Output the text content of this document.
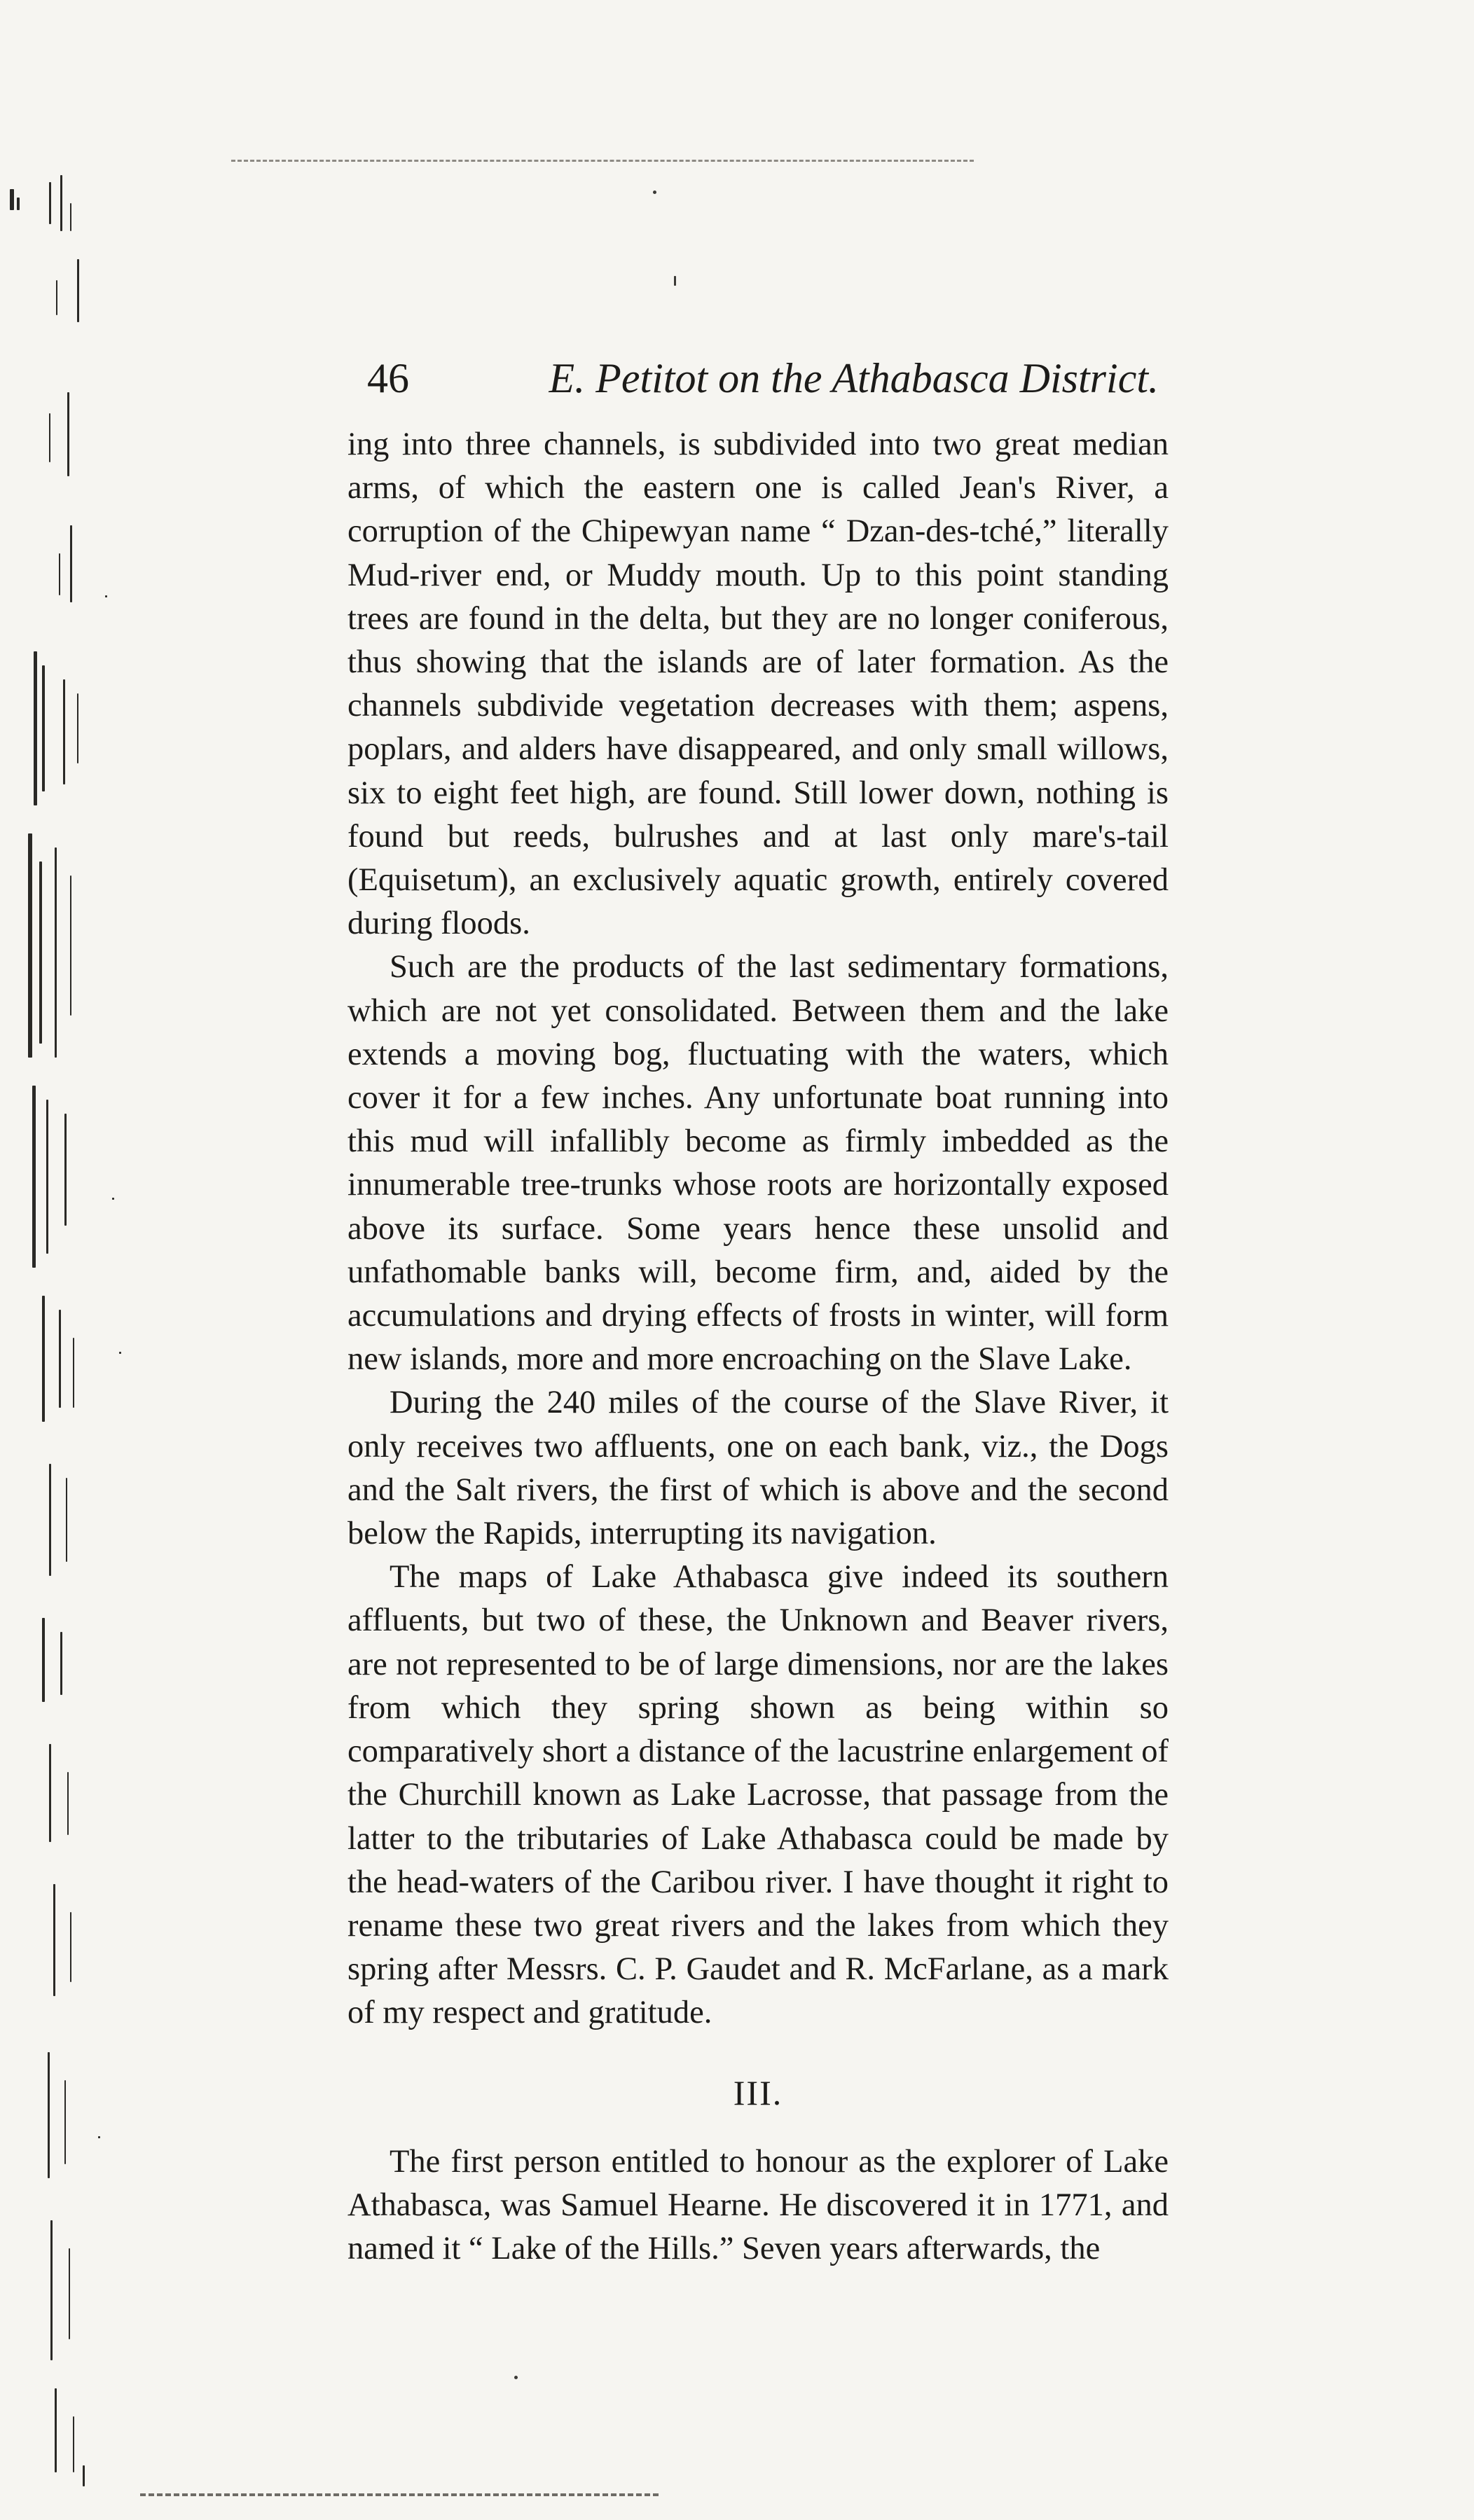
46	E. Petitot on the Athabasca District.

ing into three channels, is subdivided into two great median arms, of which the eastern one is called Jean's River, a corruption of the Chipewyan name “ Dzan-des-tché,” literally Mud-river end, or Muddy mouth. Up to this point standing trees are found in the delta, but they are no longer coniferous, thus showing that the islands are of later formation. As the channels subdivide vegetation decreases with them; aspens, poplars, and alders have disappeared, and only small willows, six to eight feet high, are found. Still lower down, nothing is found but reeds, bulrushes and at last only mare's-tail (Equisetum), an exclusively aquatic growth, entirely covered during floods.

Such are the products of the last sedimentary formations, which are not yet consolidated. Between them and the lake extends a moving bog, fluctuating with the waters, which cover it for a few inches. Any unfortunate boat running into this mud will infallibly become as firmly imbedded as the innumerable tree-trunks whose roots are horizontally exposed above its surface. Some years hence these unsolid and unfathomable banks will, become firm, and, aided by the accumulations and drying effects of frosts in winter, will form new islands, more and more encroaching on the Slave Lake.

During the 240 miles of the course of the Slave River, it only receives two affluents, one on each bank, viz., the Dogs and the Salt rivers, the first of which is above and the second below the Rapids, interrupting its navigation.

The maps of Lake Athabasca give indeed its southern affluents, but two of these, the Unknown and Beaver rivers, are not represented to be of large dimensions, nor are the lakes from which they spring shown as being within so comparatively short a distance of the lacustrine enlargement of the Churchill known as Lake Lacrosse, that passage from the latter to the tributaries of Lake Athabasca could be made by the head-waters of the Caribou river. I have thought it right to rename these two great rivers and the lakes from which they spring after Messrs. C. P. Gaudet and R. McFarlane, as a mark of my respect and gratitude.

III.

The first person entitled to honour as the explorer of Lake Athabasca, was Samuel Hearne. He discovered it in 1771, and named it “ Lake of the Hills.” Seven years afterwards, the
